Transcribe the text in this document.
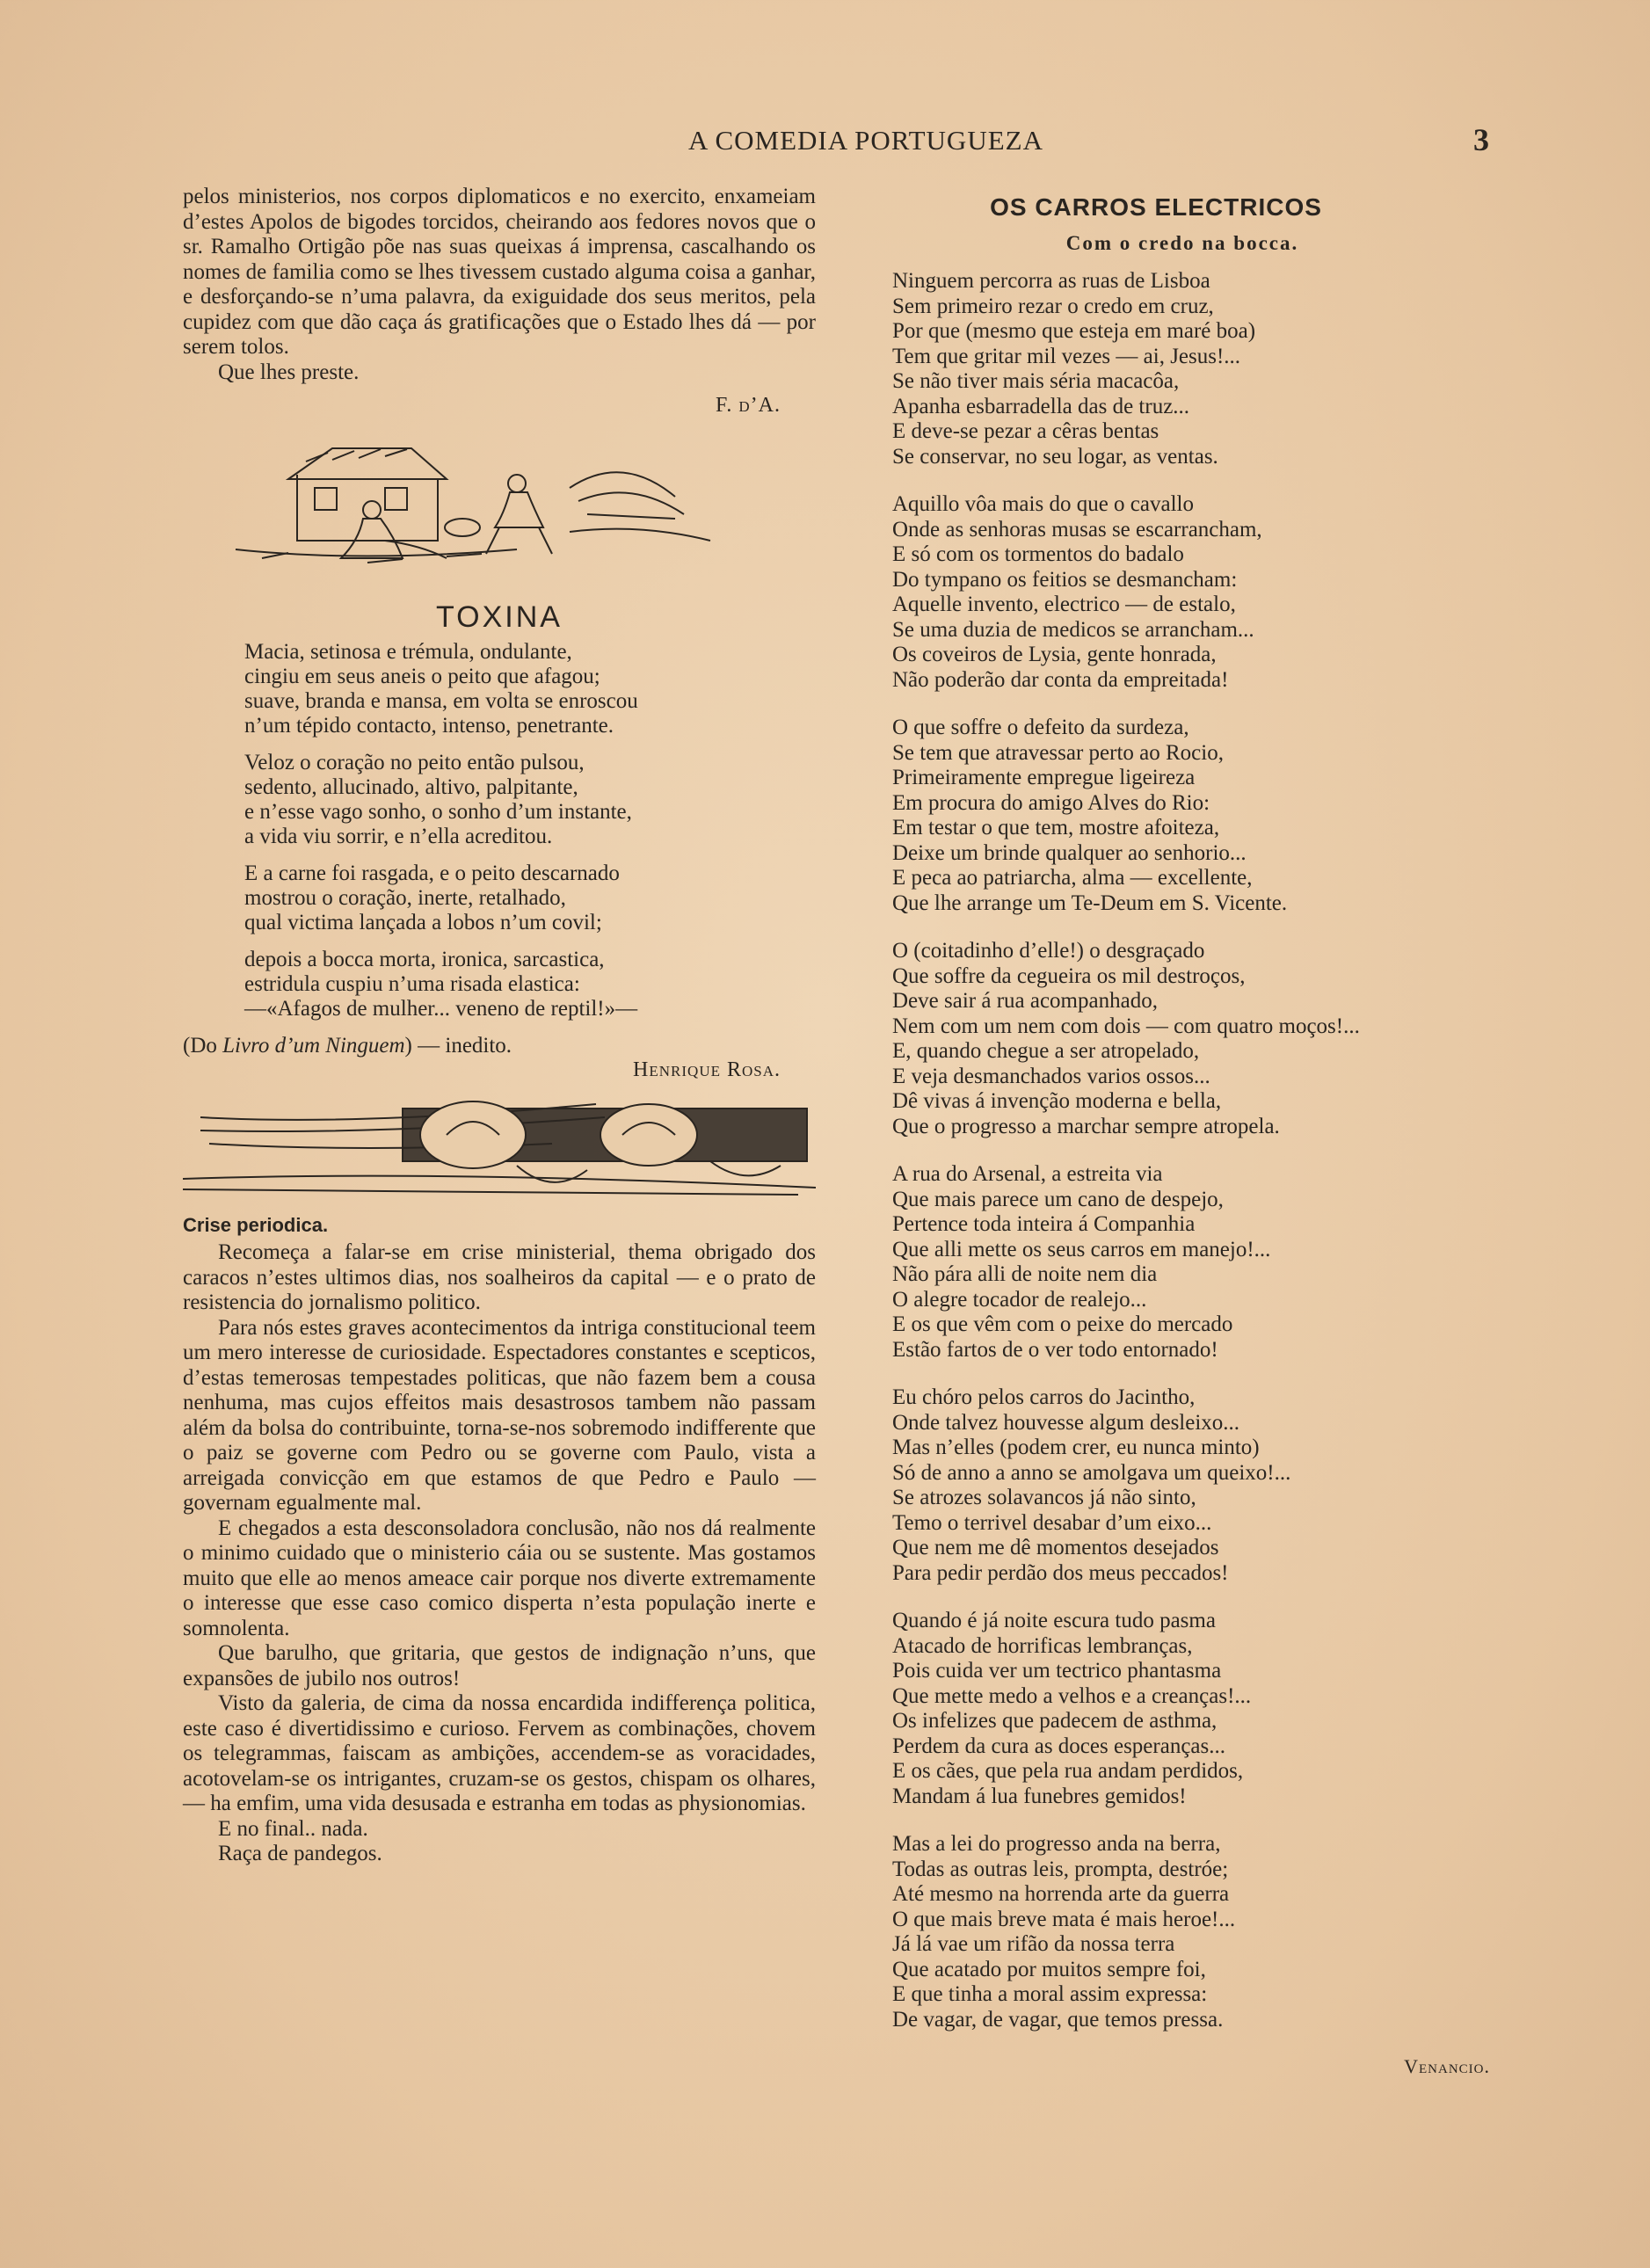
A COMEDIA PORTUGUEZA	3

pelos ministerios, nos corpos diplomaticos e no exercito, enxameiam d’estes Apolos de bigodes torcidos, cheirando aos fedores novos que o sr. Ramalho Ortigão põe nas suas queixas á imprensa, cascalhando os nomes de familia como se lhes tivessem custado alguma coisa a ganhar, e desforçando-se n’uma palavra, da exiguidade dos seus meritos, pela cupidez com que dão caça ás gratificações que o Estado lhes dá — por serem tolos.

Que lhes preste.

F. d’A.
TOXINA
Macia, setinosa e trémula, ondulante,
cingiu em seus aneis o peito que afagou;
suave, branda e mansa, em volta se enroscou
n’um tépido contacto, intenso, penetrante.
Veloz o coração no peito então pulsou,
sedento, allucinado, altivo, palpitante,
e n’esse vago sonho, o sonho d’um instante,
a vida viu sorrir, e n’ella acreditou.
E a carne foi rasgada, e o peito descarnado
mostrou o coração, inerte, retalhado,
qual victima lançada a lobos n’um covil;
depois a bocca morta, ironica, sarcastica,
estridula cuspiu n’uma risada elastica:
—«Afagos de mulher... veneno de reptil!»—
(Do Livro d’um Ninguem) — inedito.
Henrique Rosa.
Crise periodica.

Recomeça a falar-se em crise ministerial, thema obrigado dos caracos n’estes ultimos dias, nos soalheiros da capital — e o prato de resistencia do jornalismo politico.

Para nós estes graves acontecimentos da intriga constitucional teem um mero interesse de curiosidade. Espectadores constantes e scepticos, d’estas temerosas tempestades politicas, que não fazem bem a cousa nenhuma, mas cujos effeitos mais desastrosos tambem não passam além da bolsa do contribuinte, torna-se-nos sobremodo indifferente que o paiz se governe com Pedro ou se governe com Paulo, vista a arreigada convicção em que estamos de que Pedro e Paulo — governam egualmente mal.

E chegados a esta desconsoladora conclusão, não nos dá realmente o minimo cuidado que o ministerio cáia ou se sustente. Mas gostamos muito que elle ao menos ameace cair porque nos diverte extremamente o interesse que esse caso comico disperta n’esta população inerte e somnolenta.

Que barulho, que gritaria, que gestos de indignação n’uns, que expansões de jubilo nos outros!

Visto da galeria, de cima da nossa encardida indifferença politica, este caso é divertidissimo e curioso. Fervem as combinações, chovem os telegrammas, faiscam as ambições, accendem-se as voracidades, acotovelam-se os intrigantes, cruzam-se os gestos, chispam os olhares, — ha emfim, uma vida desusada e estranha em todas as physionomias.

E no final.. nada.

Raça de pandegos.

OS CARROS ELECTRICOS
Com o credo na bocca.
Ninguem percorra as ruas de Lisboa
Sem primeiro rezar o credo em cruz,
Por que (mesmo que esteja em maré boa)
Tem que gritar mil vezes — ai, Jesus!...
Se não tiver mais séria macacôa,
Apanha esbarradella das de truz...
E deve-se pezar a cêras bentas
Se conservar, no seu logar, as ventas.
Aquillo vôa mais do que o cavallo
Onde as senhoras musas se escarrancham,
E só com os tormentos do badalo
Do tympano os feitios se desmancham:
Aquelle invento, electrico — de estalo,
Se uma duzia de medicos se arrancham...
Os coveiros de Lysia, gente honrada,
Não poderão dar conta da empreitada!
O que soffre o defeito da surdeza,
Se tem que atravessar perto ao Rocio,
Primeiramente empregue ligeireza
Em procura do amigo Alves do Rio:
Em testar o que tem, mostre afoiteza,
Deixe um brinde qualquer ao senhorio...
E peca ao patriarcha, alma — excellente,
Que lhe arrange um Te-Deum em S. Vicente.
O (coitadinho d’elle!) o desgraçado
Que soffre da cegueira os mil destroços,
Deve sair á rua acompanhado,
Nem com um nem com dois — com quatro moços!...
E, quando chegue a ser atropelado,
E veja desmanchados varios ossos...
Dê vivas á invenção moderna e bella,
Que o progresso a marchar sempre atropela.
A rua do Arsenal, a estreita via
Que mais parece um cano de despejo,
Pertence toda inteira á Companhia
Que alli mette os seus carros em manejo!...
Não pára alli de noite nem dia
O alegre tocador de realejo...
E os que vêm com o peixe do mercado
Estão fartos de o ver todo entornado!
Eu chóro pelos carros do Jacintho,
Onde talvez houvesse algum desleixo...
Mas n’elles (podem crer, eu nunca minto)
Só de anno a anno se amolgava um queixo!...
Se atrozes solavancos já não sinto,
Temo o terrivel desabar d’um eixo...
Que nem me dê momentos desejados
Para pedir perdão dos meus peccados!
Quando é já noite escura tudo pasma
Atacado de horrificas lembranças,
Pois cuida ver um tectrico phantasma
Que mette medo a velhos e a creanças!...
Os infelizes que padecem de asthma,
Perdem da cura as doces esperanças...
E os cães, que pela rua andam perdidos,
Mandam á lua funebres gemidos!
Mas a lei do progresso anda na berra,
Todas as outras leis, prompta, destróe;
Até mesmo na horrenda arte da guerra
O que mais breve mata é mais heroe!...
Já lá vae um rifão da nossa terra
Que acatado por muitos sempre foi,
E que tinha a moral assim expressa:
De vagar, de vagar, que temos pressa.
Venancio.
